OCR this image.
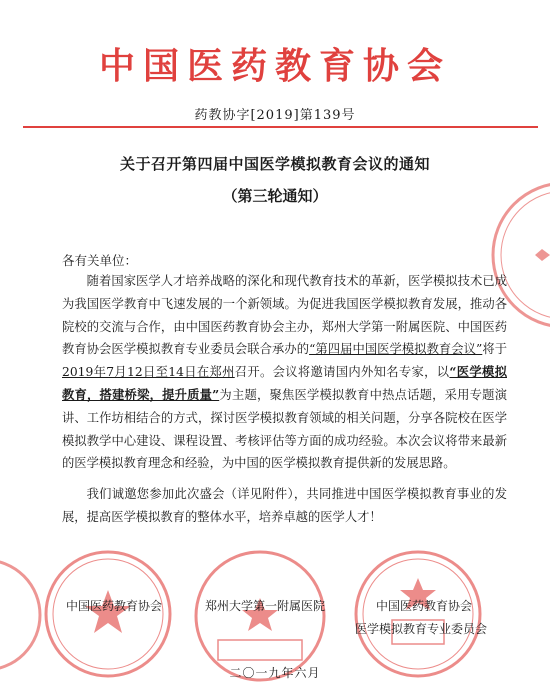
中国医药教育协会
药教协字[2019]第139号
关于召开第四届中国医学模拟教育会议的通知
（第三轮通知）
各有关单位：

随着国家医学人才培养战略的深化和现代教育技术的革新，医学模拟技术已成为我国医学教育中飞速发展的一个新领域。为促进我国医学模拟教育发展，推动各院校的交流与合作，由中国医药教育协会主办，郑州大学第一附属医院、中国医药教育协会医学模拟教育专业委员会联合承办的“第四届中国医学模拟教育会议”将于 2019年7月12日至14日在郑州召开。会议将邀请国内外知名专家，以“医学模拟教育，搭建桥梁，提升质量”为主题，聚焦医学模拟教育中热点话题，采用专题演讲、工作坊相结合的方式，探讨医学模拟教育领域的相关问题，分享各院校在医学模拟教学中心建设、课程设置、考核评估等方面的成功经验。本次会议将带来最新的医学模拟教育理念和经验，为中国的医学模拟教育提供新的发展思路。

我们诚邀您参加此次盛会（详见附件），共同推进中国医学模拟教育事业的发展，提高医学模拟教育的整体水平，培养卓越的医学人才！

中国医药教育协会	郑州大学第一附属医院	中国医药教育协会
医学模拟教育专业委员会
二〇一九年六月
